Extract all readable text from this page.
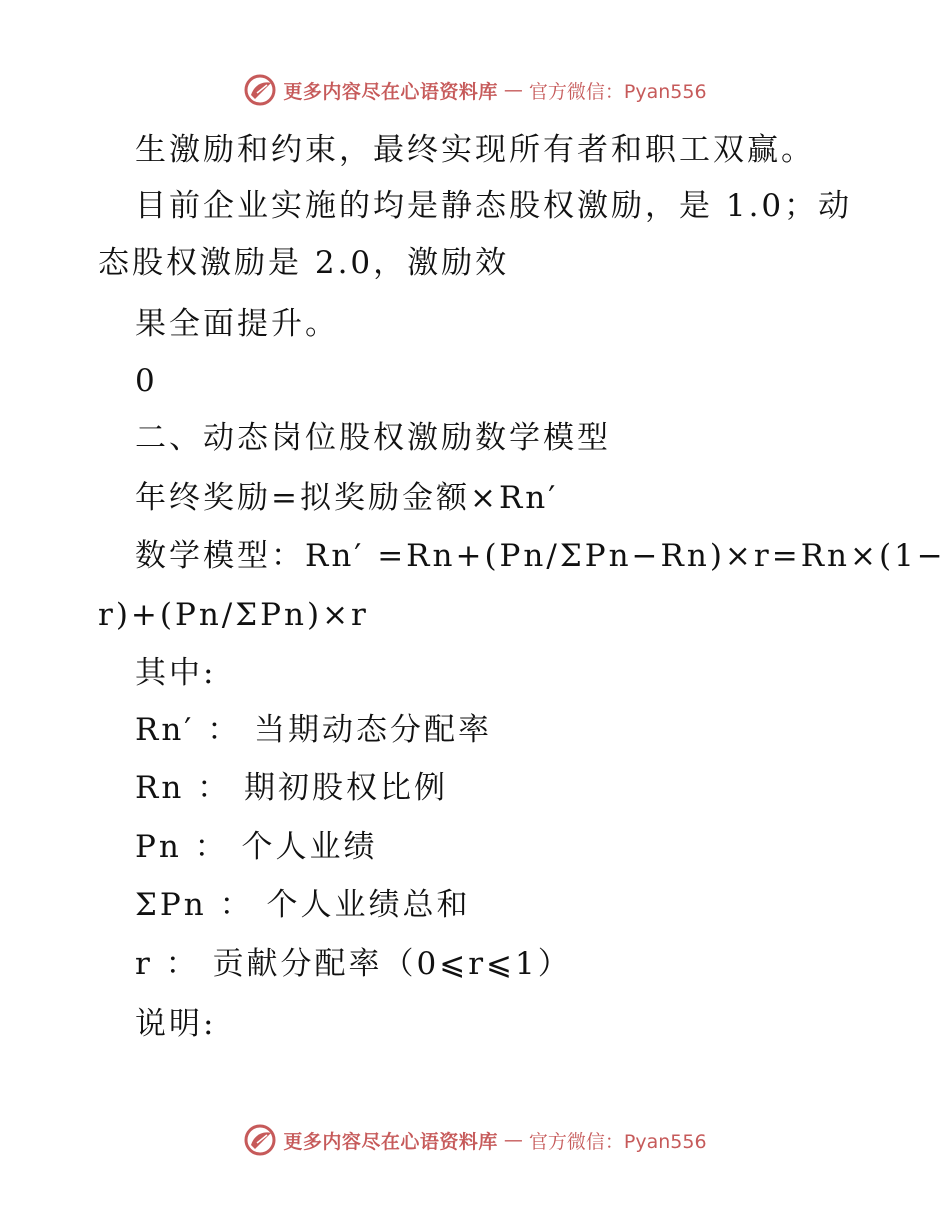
更多内容尽在心语资料库 — 官方微信：Pyan556
生激励和约束，最终实现所有者和职工双赢。
目前企业实施的均是静态股权激励，是 1.0；动
态股权激励是 2.0，激励效
果全面提升。
0
二、动态岗位股权激励数学模型
年终奖励=拟奖励金额×Rn′
数学模型：Rn′ =Rn+(Pn/ΣPn−Rn)×r=Rn×(1−
r)+(Pn/ΣPn)×r
其中:
Rn′ ： 当期动态分配率
Rn ： 期初股权比例
Pn ： 个人业绩
ΣPn ： 个人业绩总和
r ： 贡献分配率（0⩽r⩽1）
说明:
更多内容尽在心语资料库 — 官方微信：Pyan556
